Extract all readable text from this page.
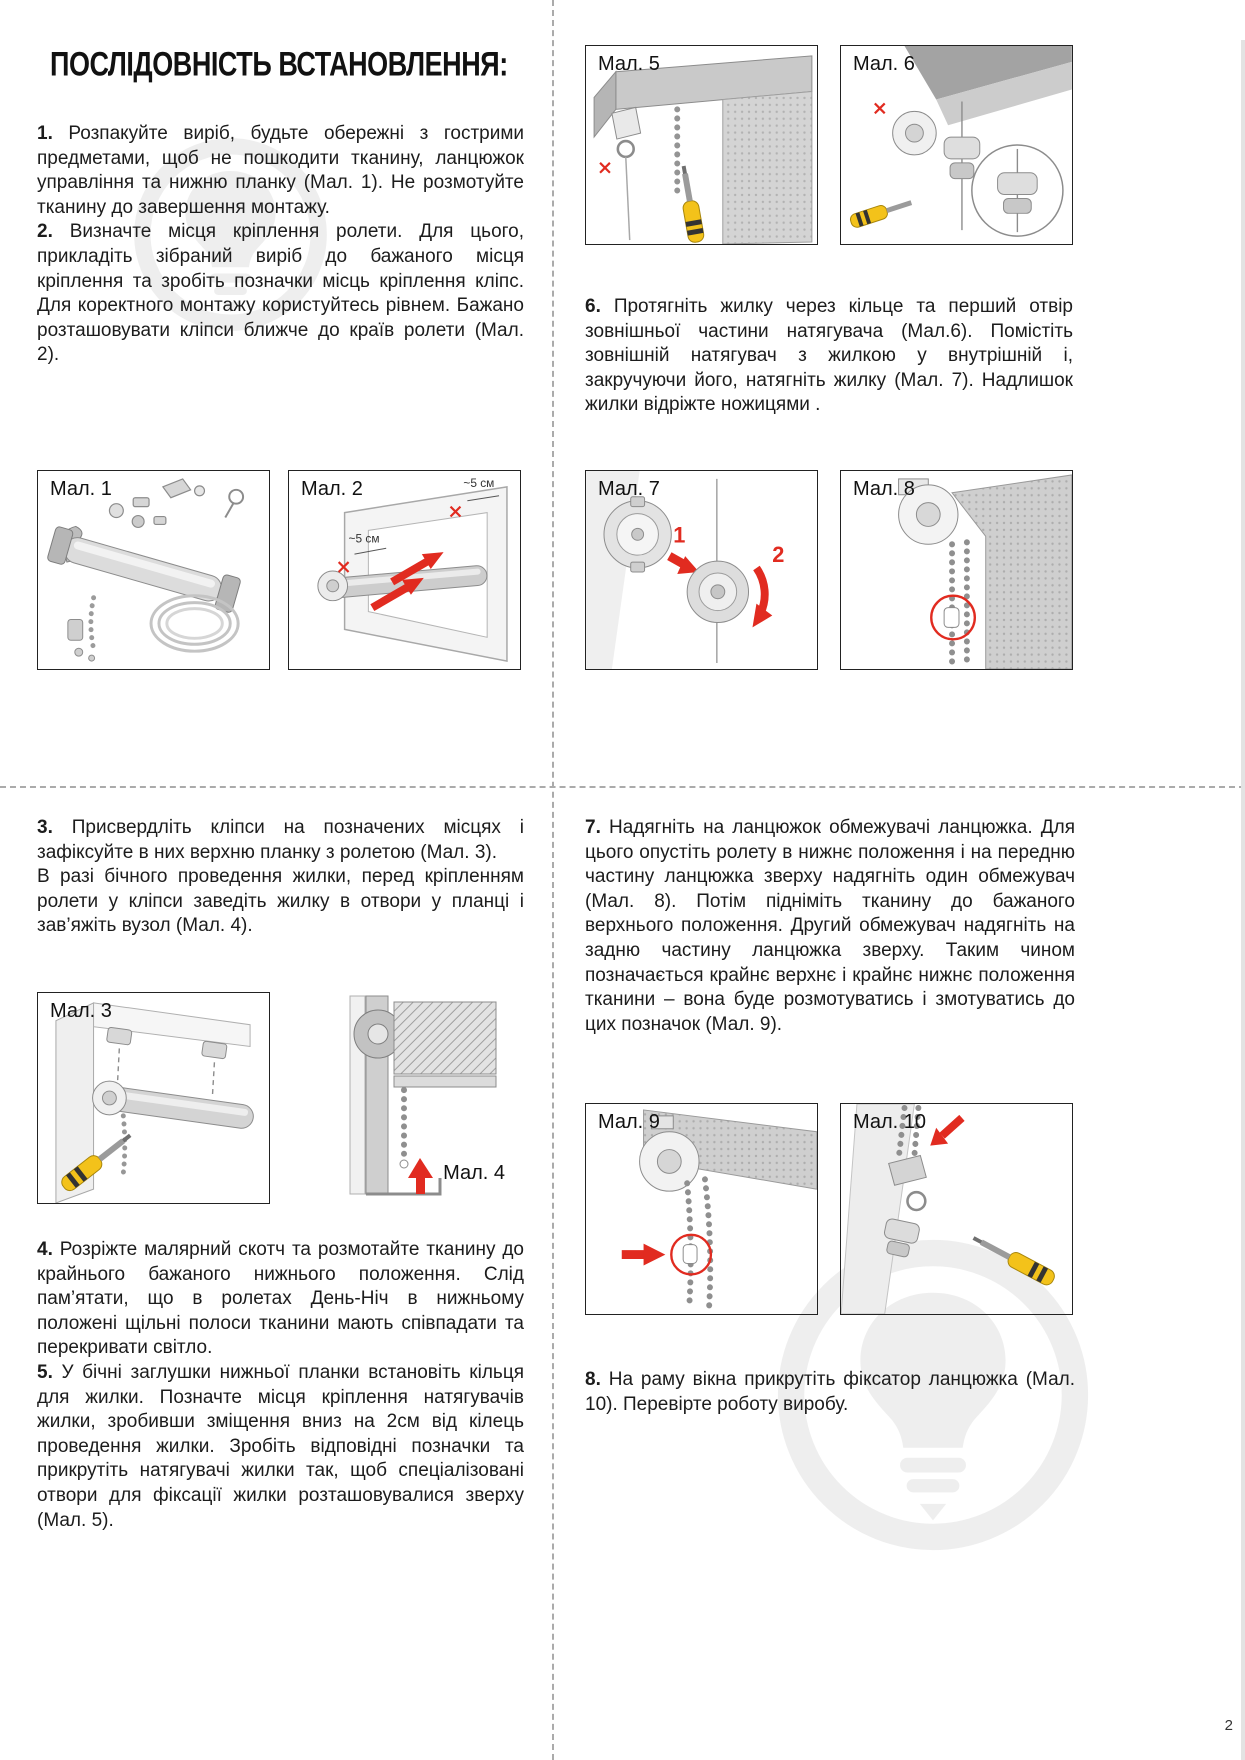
ПОСЛІДОВНІСТЬ ВСТАНОВЛЕННЯ:

1. Розпакуйте виріб, будьте обережні з гострими предметами, щоб не пошкодити тканину, ланцюжок управління та нижню планку (Мал. 1). Не розмотуйте тканину до завершення монтажу.

2. Визначте місця кріплення ролети. Для цього, прикладіть зібраний виріб до бажаного місця кріплення та зробіть позначки місць кріплення кліпс. Для коректного монтажу користуйтесь рівнем. Бажано розташовувати кліпси ближче до країв ролети (Мал. 2).

6. Протягніть жилку через кільце та перший отвір зовнішньої частини натягувача (Мал.6). Помістіть зовнішній натягувач з жилкою у внутрішній і, закручуючи його, натягніть жилку (Мал. 7). Надлишок жилки відріжте ножицями .

3. Присвердліть кліпси на позначених місцях і зафіксуйте в них верхню планку з ролетою (Мал. 3).

В разі бічного проведення жилки, перед кріпленням ролети у кліпси заведіть жилку в отвори у планці і зав’яжіть вузол (Мал. 4).

4. Розріжте малярний скотч та розмотайте тканину до крайнього бажаного нижнього положення. Слід пам’ятати, що в ролетах День-Ніч в нижньому положені щільні полоси тканини мають співпадати та перекривати світло.

5. У бічні заглушки нижньої планки встановіть кільця для жилки. Позначте місця кріплення натягувачів жилки, зробивши зміщення вниз на 2см від кілець проведення жилки. Зробіть відповідні позначки та прикрутіть натягувачі жилки так, щоб спеціалізовані отвори для фіксації жилки розташовувалися зверху (Мал. 5).

7. Надягніть на ланцюжок обмежувачі ланцюжка. Для цього опустіть ролету в нижнє положення і на передню частину ланцюжка зверху надягніть один обмежувач (Мал. 8). Потім підніміть тканину до бажаного верхнього положення. Другий обмежувач надягніть на задню частину ланцюжка зверху. Таким чином позначається крайнє верхнє і крайнє нижнє положення тканини – вона буде розмотуватись і змотуватись до цих позначок (Мал. 9).

8. На раму вікна прикрутіть фіксатор ланцюжка (Мал. 10). Перевірте роботу виробу.

Мал. 1	~5 см
~5 см
Мал. 2
Мал. 5	Мал. 6
1
2
Мал. 7	Мал. 8
Мал. 3
Мал. 4
Мал. 9	Мал. 10
2
